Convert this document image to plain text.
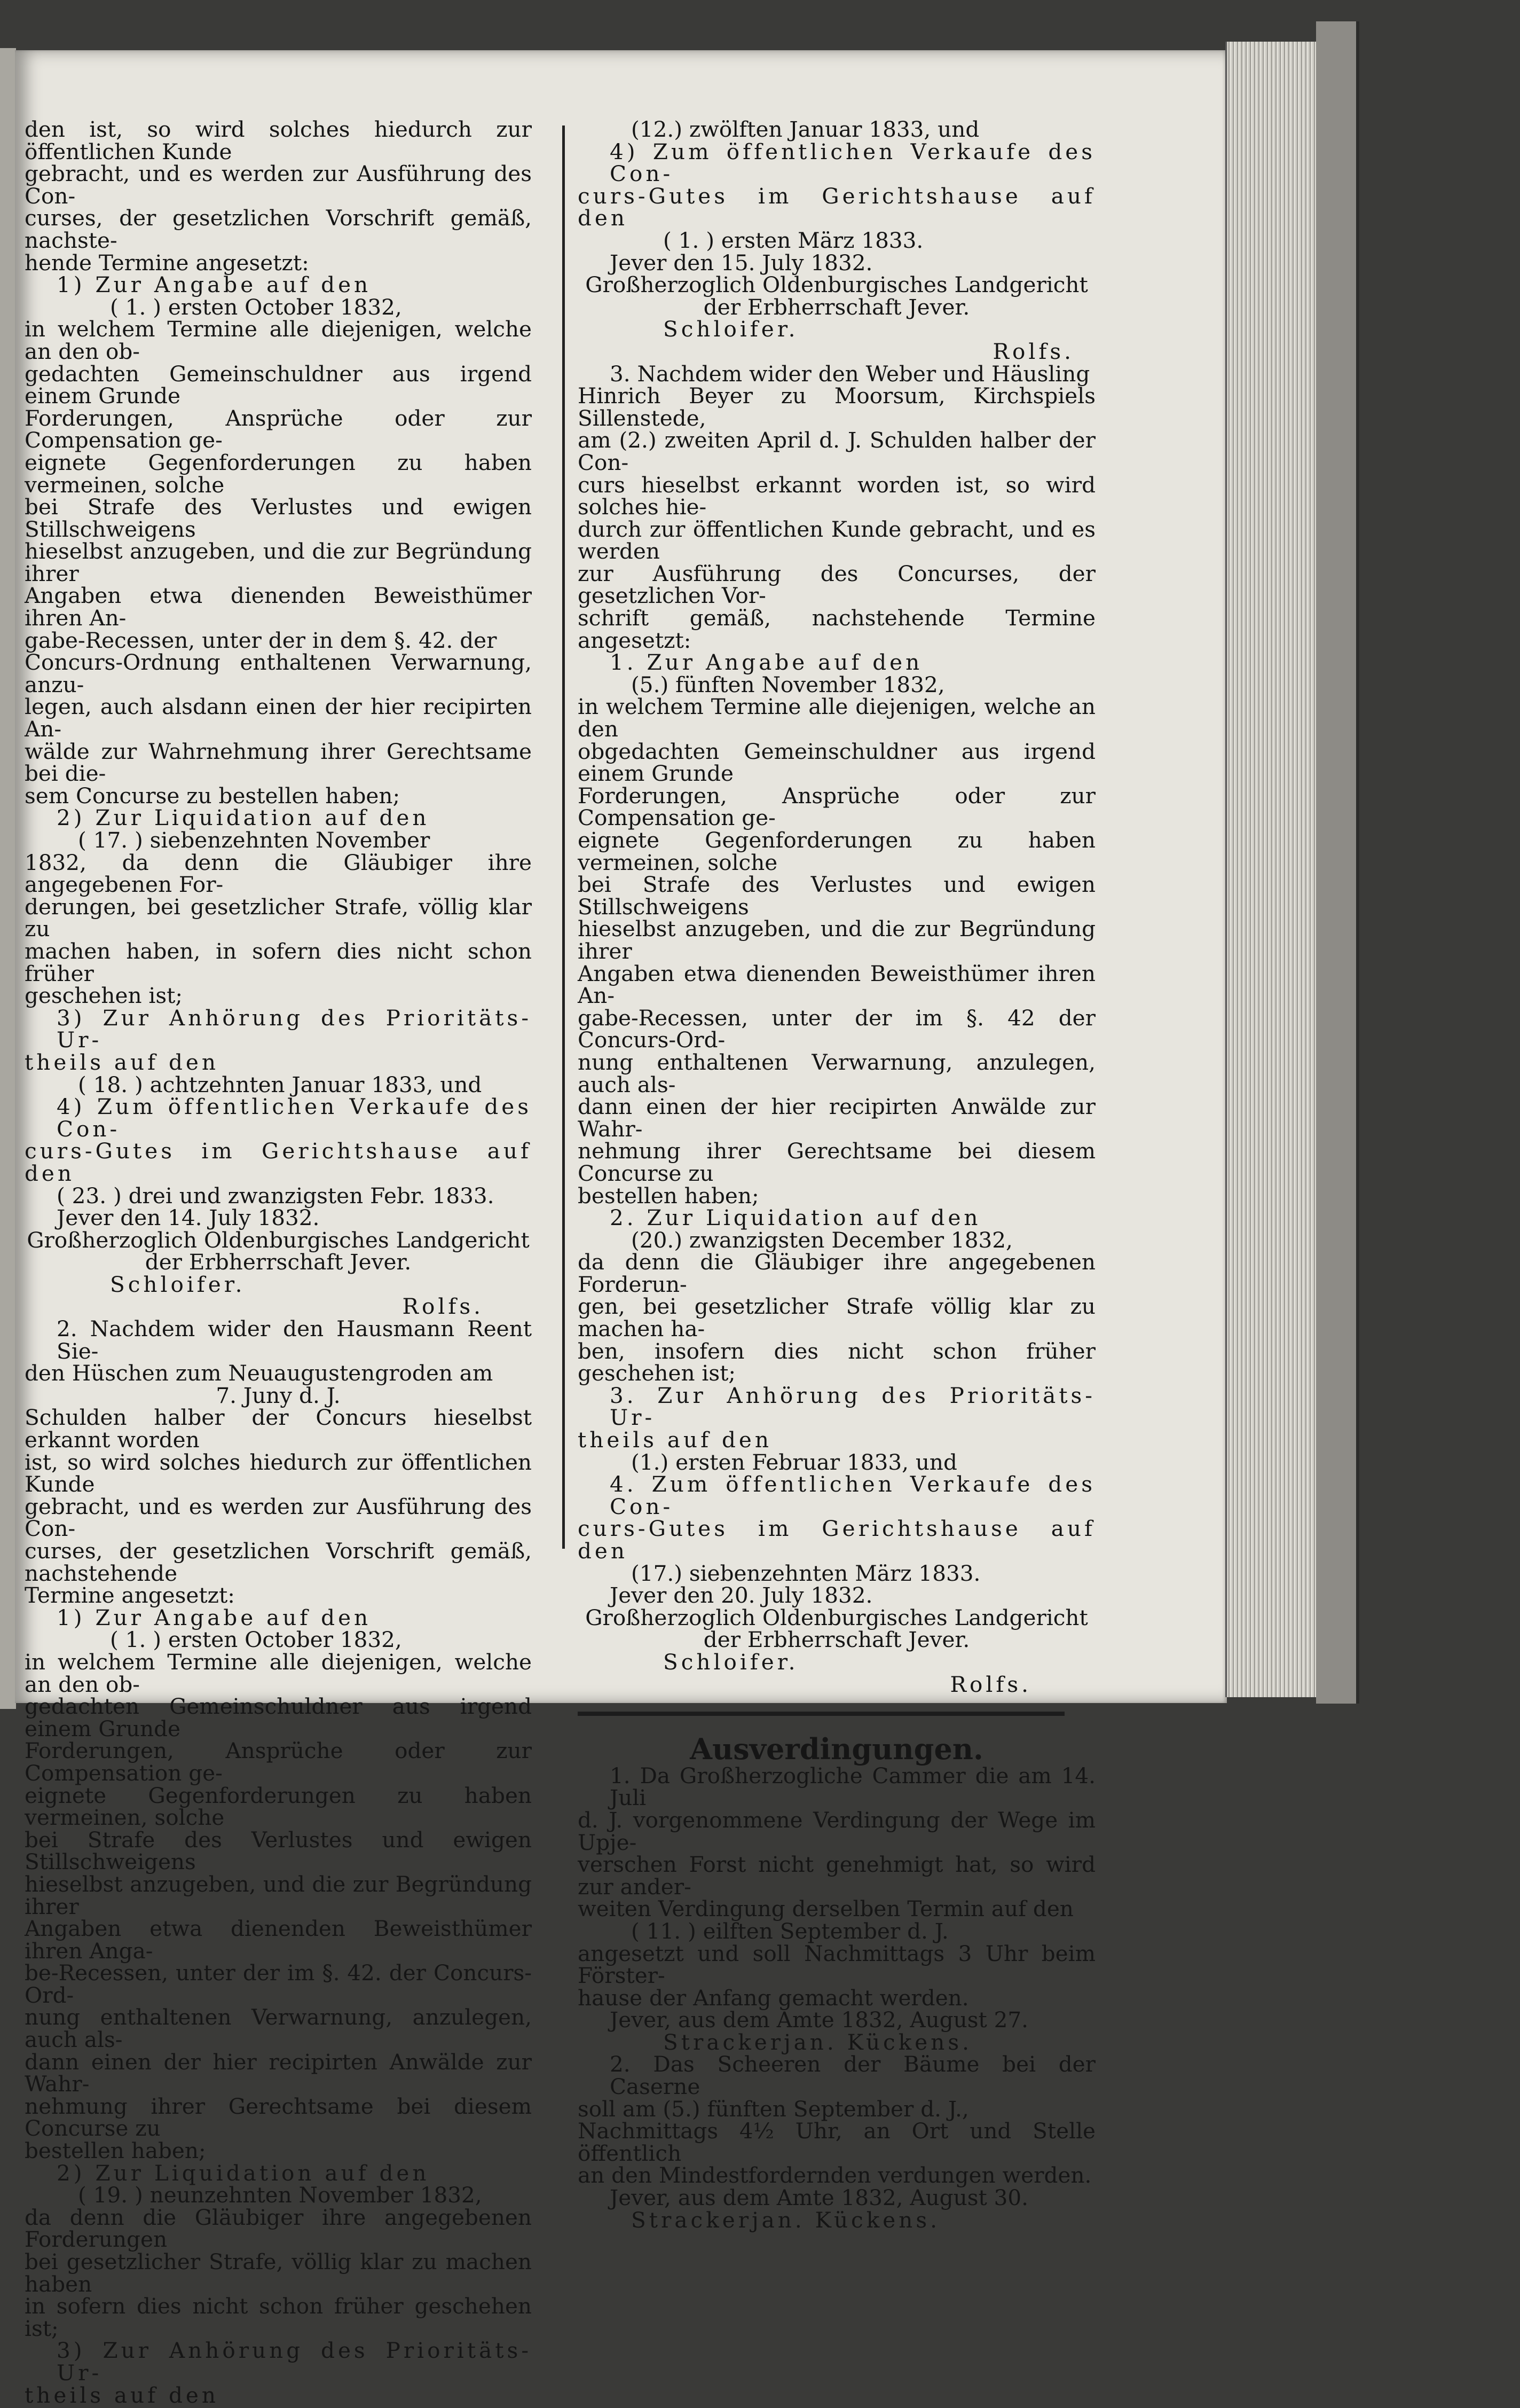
den ist, so wird solches hiedurch zur öffentlichen Kunde

gebracht, und es werden zur Ausführung des Con-

curses, der gesetzlichen Vorschrift gemäß, nachste-

hende Termine angesetzt:

1) Zur Angabe auf den

( 1. ) ersten October 1832,

in welchem Termine alle diejenigen, welche an den ob-

gedachten Gemeinschuldner aus irgend einem Grunde

Forderungen, Ansprüche oder zur Compensation ge-

eignete Gegenforderungen zu haben vermeinen, solche

bei Strafe des Verlustes und ewigen Stillschweigens

hieselbst anzugeben, und die zur Begründung ihrer

Angaben etwa dienenden Beweisthümer ihren An-

gabe-Recessen, unter der in dem §. 42. der

Concurs-Ordnung enthaltenen Verwarnung, anzu-

legen, auch alsdann einen der hier recipirten An-

wälde zur Wahrnehmung ihrer Gerechtsame bei die-

sem Concurse zu bestellen haben;

2) Zur Liquidation auf den

( 17. ) siebenzehnten November

1832, da denn die Gläubiger ihre angegebenen For-

derungen, bei gesetzlicher Strafe, völlig klar zu

machen haben, in sofern dies nicht schon früher

geschehen ist;

3) Zur Anhörung des Prioritäts-Ur-

theils auf den

( 18. ) achtzehnten Januar 1833, und

4) Zum öffentlichen Verkaufe des Con-

curs-Gutes im Gerichtshause auf den

( 23. ) drei und zwanzigsten Febr. 1833.

Jever den 14. July 1832.

Großherzoglich Oldenburgisches Landgericht

der Erbherrschaft Jever.

Schloifer.

Rolfs.

2. Nachdem wider den Hausmann Reent Sie-

den Hüschen zum Neuaugustengroden am

7. Juny d. J.

Schulden halber der Concurs hieselbst erkannt worden

ist, so wird solches hiedurch zur öffentlichen Kunde

gebracht, und es werden zur Ausführung des Con-

curses, der gesetzlichen Vorschrift gemäß, nachstehende

Termine angesetzt:

1) Zur Angabe auf den

( 1. ) ersten October 1832,

in welchem Termine alle diejenigen, welche an den ob-

gedachten Gemeinschuldner aus irgend einem Grunde

Forderungen, Ansprüche oder zur Compensation ge-

eignete Gegenforderungen zu haben vermeinen, solche

bei Strafe des Verlustes und ewigen Stillschweigens

hieselbst anzugeben, und die zur Begründung ihrer

Angaben etwa dienenden Beweisthümer ihren Anga-

be-Recessen, unter der im §. 42. der Concurs-Ord-

nung enthaltenen Verwarnung, anzulegen, auch als-

dann einen der hier recipirten Anwälde zur Wahr-

nehmung ihrer Gerechtsame bei diesem Concurse zu

bestellen haben;

2) Zur Liquidation auf den

( 19. ) neunzehnten November 1832,

da denn die Gläubiger ihre angegebenen Forderungen

bei gesetzlicher Strafe, völlig klar zu machen haben

in sofern dies nicht schon früher geschehen ist;

3) Zur Anhörung des Prioritäts-Ur-

theils auf den

(12.) zwölften Januar 1833, und

4) Zum öffentlichen Verkaufe des Con-

curs-Gutes im Gerichtshause auf den

( 1. ) ersten März 1833.

Jever den 15. July 1832.

Großherzoglich Oldenburgisches Landgericht

der Erbherrschaft Jever.

Schloifer.

Rolfs.

3. Nachdem wider den Weber und Häusling

Hinrich Beyer zu Moorsum, Kirchspiels Sillenstede,

am (2.) zweiten April d. J. Schulden halber der Con-

curs hieselbst erkannt worden ist, so wird solches hie-

durch zur öffentlichen Kunde gebracht, und es werden

zur Ausführung des Concurses, der gesetzlichen Vor-

schrift gemäß, nachstehende Termine angesetzt:

1. Zur Angabe auf den

(5.) fünften November 1832,

in welchem Termine alle diejenigen, welche an den

obgedachten Gemeinschuldner aus irgend einem Grunde

Forderungen, Ansprüche oder zur Compensation ge-

eignete Gegenforderungen zu haben vermeinen, solche

bei Strafe des Verlustes und ewigen Stillschweigens

hieselbst anzugeben, und die zur Begründung ihrer

Angaben etwa dienenden Beweisthümer ihren An-

gabe-Recessen, unter der im §. 42 der Concurs-Ord-

nung enthaltenen Verwarnung, anzulegen, auch als-

dann einen der hier recipirten Anwälde zur Wahr-

nehmung ihrer Gerechtsame bei diesem Concurse zu

bestellen haben;

2. Zur Liquidation auf den

(20.) zwanzigsten December 1832,

da denn die Gläubiger ihre angegebenen Forderun-

gen, bei gesetzlicher Strafe völlig klar zu machen ha-

ben, insofern dies nicht schon früher geschehen ist;

3. Zur Anhörung des Prioritäts-Ur-

theils auf den

(1.) ersten Februar 1833, und

4. Zum öffentlichen Verkaufe des Con-

curs-Gutes im Gerichtshause auf den

(17.) siebenzehnten März 1833.

Jever den 20. July 1832.

Großherzoglich Oldenburgisches Landgericht

der Erbherrschaft Jever.

Schloifer.

Rolfs.

Ausverdingungen.

1. Da Großherzogliche Cammer die am 14. Juli

d. J. vorgenommene Verdingung der Wege im Upje-

verschen Forst nicht genehmigt hat, so wird zur ander-

weiten Verdingung derselben Termin auf den

( 11. ) eilften September d. J.

angesetzt und soll Nachmittags 3 Uhr beim Förster-

hause der Anfang gemacht werden.

Jever, aus dem Amte 1832, August 27.

Strackerjan. Kückens.

2. Das Scheeren der Bäume bei der Caserne

soll am (5.) fünften September d. J.,

Nachmittags 4½ Uhr, an Ort und Stelle öffentlich

an den Mindestfordernden verdungen werden.

Jever, aus dem Amte 1832, August 30.

Strackerjan. Kückens.
